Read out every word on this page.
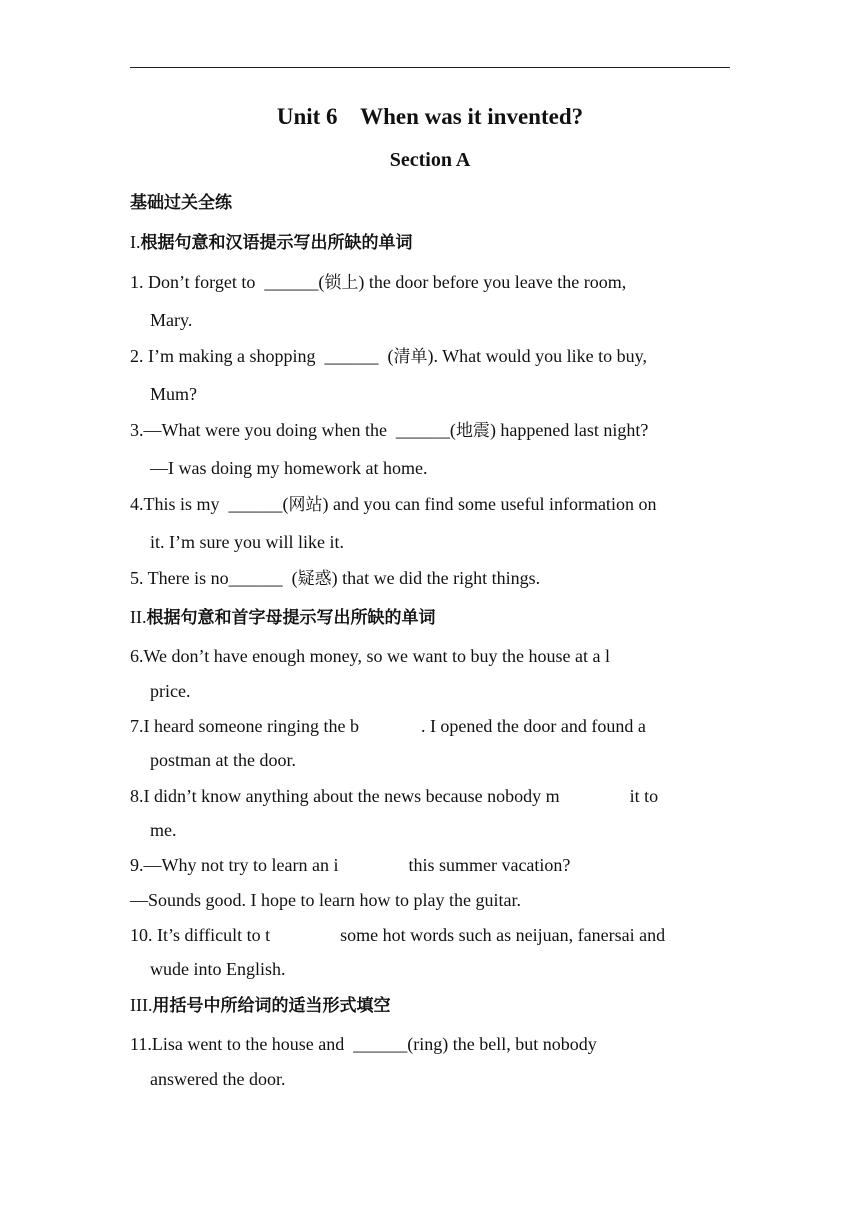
Unit 6    When was it invented?
Section A
基础过关全练
I.根据句意和汉语提示写出所缺的单词
1. Don’t forget to  ______(锁上) the door before you leave the room,
Mary.
2. I’m making a shopping  ______  (清单). What would you like to buy,
Mum?
3.—What were you doing when the  ______(地震) happened last night?
—I was doing my homework at home.
4.This is my  ______(网站) and you can find some useful information on
it. I’m sure you will like it.
5. There is no______  (疑惑) that we did the right things.
II.根据句意和首字母提示写出所缺的单词
6.We don’t have enough money, so we want to buy the house at a l
price.
7.I heard someone ringing the b	. I opened the door and found a
postman at the door.
8.I didn’t know anything about the news because nobody m	it to
me.
9.—Why not try to learn an i	this summer vacation?
—Sounds good. I hope to learn how to play the guitar.
10. It’s difficult to t	some hot words such as neijuan, fanersai and
wude into English.
III.用括号中所给词的适当形式填空
11.Lisa went to the house and  ______(ring) the bell, but nobody
answered the door.
